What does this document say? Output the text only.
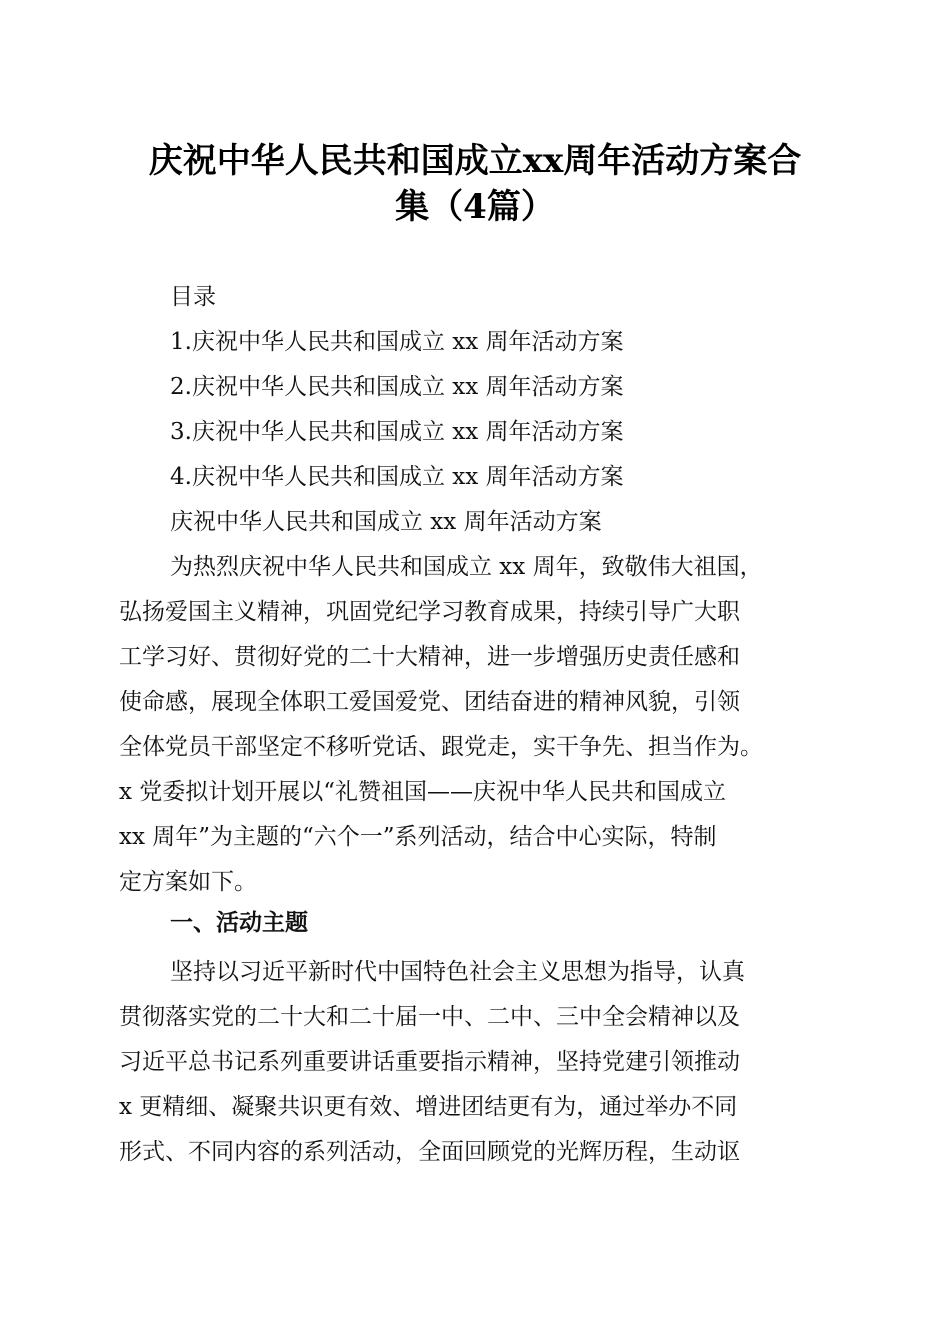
庆祝中华人民共和国成立xx周年活动方案合
集（4篇）
目录
1.庆祝中华人民共和国成立 xx 周年活动方案
2.庆祝中华人民共和国成立 xx 周年活动方案
3.庆祝中华人民共和国成立 xx 周年活动方案
4.庆祝中华人民共和国成立 xx 周年活动方案
庆祝中华人民共和国成立 xx 周年活动方案
为热烈庆祝中华人民共和国成立 xx 周年，致敬伟大祖国，
弘扬爱国主义精神，巩固党纪学习教育成果，持续引导广大职
工学习好、贯彻好党的二十大精神，进一步增强历史责任感和
使命感，展现全体职工爱国爱党、团结奋进的精神风貌，引领
全体党员干部坚定不移听党话、跟党走，实干争先、担当作为。
x 党委拟计划开展以“礼赞祖国——庆祝中华人民共和国成立
xx 周年”为主题的“六个一”系列活动，结合中心实际，特制
定方案如下。
一、活动主题
坚持以习近平新时代中国特色社会主义思想为指导，认真
贯彻落实党的二十大和二十届一中、二中、三中全会精神以及
习近平总书记系列重要讲话重要指示精神，坚持党建引领推动
x 更精细、凝聚共识更有效、增进团结更有为，通过举办不同
形式、不同内容的系列活动，全面回顾党的光辉历程，生动讴
